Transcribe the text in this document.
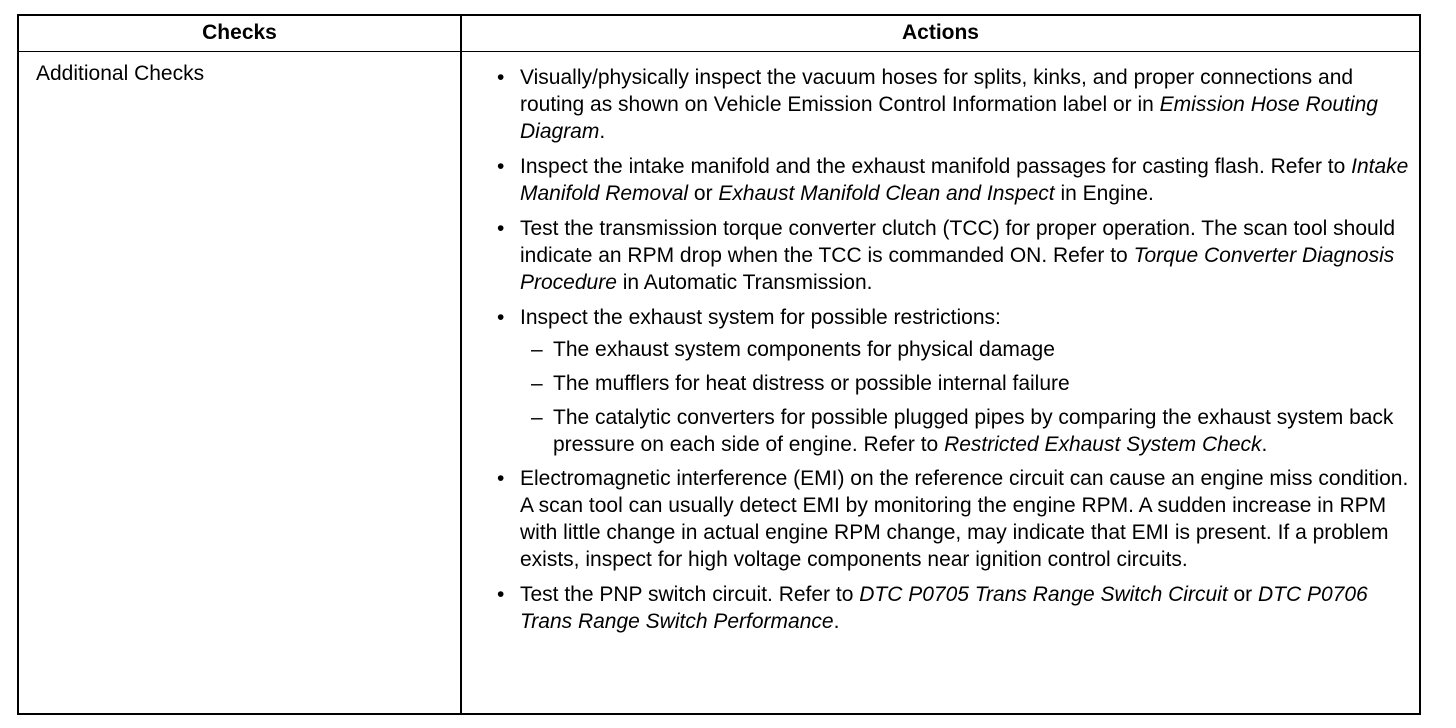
Checks	Actions
Additional Checks
•	Visually/physically inspect the vacuum hoses for splits, kinks, and proper connections and routing as shown on Vehicle Emission Control Information label or in Emission Hose Routing Diagram.
• Inspect the intake manifold and the exhaust manifold passages for casting flash. Refer to Intake Manifold Removal or Exhaust Manifold Clean and Inspect in Engine.
• Test the transmission torque converter clutch (TCC) for proper operation. The scan tool should indicate an RPM drop when the TCC is commanded ON. Refer to Torque Converter Diagnosis Procedure in Automatic Transmission.
• Inspect the exhaust system for possible restrictions:
– The exhaust system components for physical damage
– The mufflers for heat distress or possible internal failure
– The catalytic converters for possible plugged pipes by comparing the exhaust system back pressure on each side of engine. Refer to Restricted Exhaust System Check.
• Electromagnetic interference (EMI) on the reference circuit can cause an engine miss condition. A scan tool can usually detect EMI by monitoring the engine RPM. A sudden increase in RPM with little change in actual engine RPM change, may indicate that EMI is present. If a problem exists, inspect for high voltage components near ignition control circuits.
• Test the PNP switch circuit. Refer to DTC P0705 Trans Range Switch Circuit or DTC P0706 Trans Range Switch Performance.
